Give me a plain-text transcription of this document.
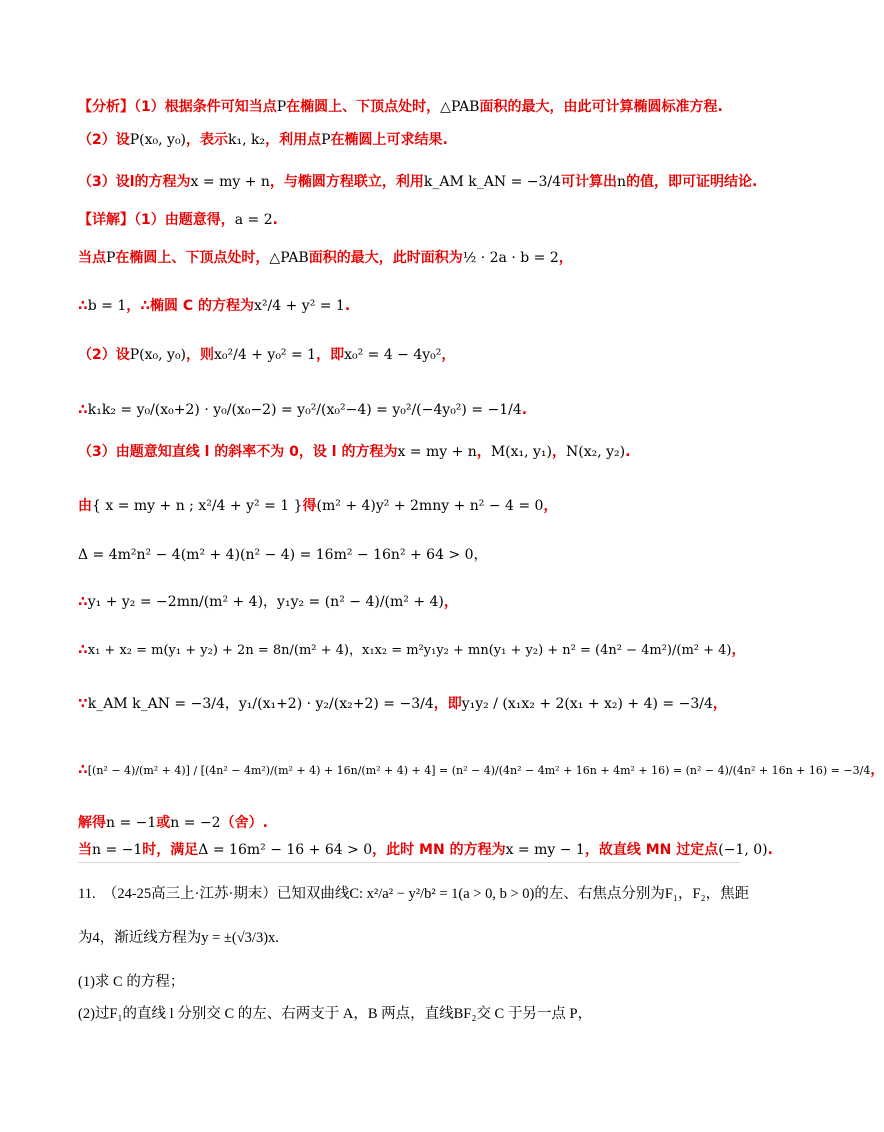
【分析】（1）根据条件可知当点P在椭圆上、下顶点处时，△PAB面积的最大，由此可计算椭圆标准方程.
（2）设P(x₀, y₀)，表示k₁, k₂，利用点P在椭圆上可求结果.
（3）设l的方程为x = my + n，与椭圆方程联立，利用k_AM k_AN = −3/4可计算出n的值，即可证明结论.
【详解】（1）由题意得，a = 2.
当点P在椭圆上、下顶点处时，△PAB面积的最大，此时面积为½ · 2a · b = 2，
∴b = 1，∴椭圆 C 的方程为x²/4 + y² = 1.
（2）设P(x₀, y₀)，则x₀²/4 + y₀² = 1，即x₀² = 4 − 4y₀²，
∴k₁k₂ = y₀/(x₀+2) · y₀/(x₀−2) = y₀²/(x₀²−4) = y₀²/(−4y₀²) = −1/4.
（3）由题意知直线 l 的斜率不为 0，设 l 的方程为x = my + n，M(x₁, y₁)，N(x₂, y₂).
由{ x = my + n ; x²/4 + y² = 1 }得(m² + 4)y² + 2mny + n² − 4 = 0，
Δ = 4m²n² − 4(m² + 4)(n² − 4) = 16m² − 16n² + 64 > 0，
∴y₁ + y₂ = −2mn/(m² + 4)，y₁y₂ = (n² − 4)/(m² + 4)，
∴x₁ + x₂ = m(y₁ + y₂) + 2n = 8n/(m² + 4)，x₁x₂ = m²y₁y₂ + mn(y₁ + y₂) + n² = (4n² − 4m²)/(m² + 4)，
∵k_AM k_AN = −3/4，y₁/(x₁+2) · y₂/(x₂+2) = −3/4，即y₁y₂ / (x₁x₂ + 2(x₁ + x₂) + 4) = −3/4，
∴[(n² − 4)/(m² + 4)] / [(4n² − 4m²)/(m² + 4) + 16n/(m² + 4) + 4] = (n² − 4)/(4n² − 4m² + 16n + 4m² + 16) = (n² − 4)/(4n² + 16n + 16) = −3/4，
解得n = −1或n = −2（舍）.
当n = −1时，满足Δ = 16m² − 16 + 64 > 0，此时 MN 的方程为x = my − 1，故直线 MN 过定点(−1, 0).
11. （24-25高三上·江苏·期末）已知双曲线C: x²/a² − y²/b² = 1(a > 0, b > 0)的左、右焦点分别为F₁，F₂，焦距
为4，渐近线方程为y = ±(√3/3)x.
(1)求 C 的方程；
(2)过F₁的直线 l 分别交 C 的左、右两支于 A，B 两点，直线BF₂交 C 于另一点 P，
